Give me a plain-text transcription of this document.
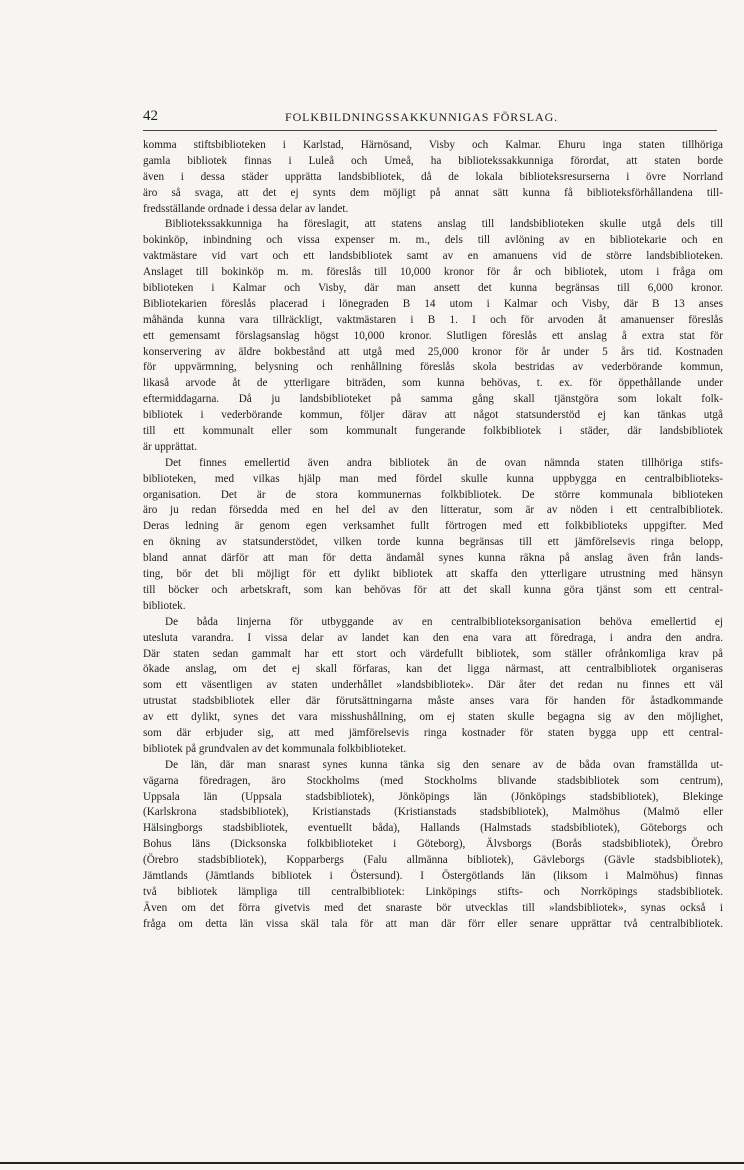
42	FOLKBILDNINGSSAKKUNNIGAS FÖRSLAG.
komma stiftsbiblioteken i Karlstad, Härnösand, Visby och Kalmar. Ehuru inga staten tillhöriga
gamla bibliotek finnas i Luleå och Umeå, ha bibliotekssakkunniga förordat, att staten borde
även i dessa städer upprätta landsbibliotek, då de lokala biblioteksresurserna i övre Norrland
äro så svaga, att det ej synts dem möjligt på annat sätt kunna få biblioteksförhållandena till-
fredsställande ordnade i dessa delar av landet.
Bibliotekssakkunniga ha föreslagit, att statens anslag till landsbiblioteken skulle utgå dels till
bokinköp, inbindning och vissa expenser m. m., dels till avlöning av en bibliotekarie och en
vaktmästare vid vart och ett landsbibliotek samt av en amanuens vid de större landsbiblioteken.
Anslaget till bokinköp m. m. föreslås till 10,000 kronor för år och bibliotek, utom i fråga om
biblioteken i Kalmar och Visby, där man ansett det kunna begränsas till 6,000 kronor.
Bibliotekarien föreslås placerad i lönegraden B 14 utom i Kalmar och Visby, där B 13 anses
måhända kunna vara tillräckligt, vaktmästaren i B 1. I och för arvoden åt amanuenser föreslås
ett gemensamt förslagsanslag högst 10,000 kronor. Slutligen föreslås ett anslag å extra stat för
konservering av äldre bokbestånd att utgå med 25,000 kronor för år under 5 års tid. Kostnaden
för uppvärmning, belysning och renhållning föreslås skola bestridas av vederbörande kommun,
likaså arvode åt de ytterligare biträden, som kunna behövas, t. ex. för öppethållande under
eftermiddagarna. Då ju landsbiblioteket på samma gång skall tjänstgöra som lokalt folk-
bibliotek i vederbörande kommun, följer därav att något statsunderstöd ej kan tänkas utgå
till ett kommunalt eller som kommunalt fungerande folkbibliotek i städer, där landsbibliotek
är upprättat.
Det finnes emellertid även andra bibliotek än de ovan nämnda staten tillhöriga stifs-
biblioteken, med vilkas hjälp man med fördel skulle kunna uppbygga en centralbiblioteks-
organisation. Det är de stora kommunernas folkbibliotek. De större kommunala biblioteken
äro ju redan försedda med en hel del av den litteratur, som är av nöden i ett centralbibliotek.
Deras ledning är genom egen verksamhet fullt förtrogen med ett folkbiblioteks uppgifter. Med
en ökning av statsunderstödet, vilken torde kunna begränsas till ett jämförelsevis ringa belopp,
bland annat därför att man för detta ändamål synes kunna räkna på anslag även från lands-
ting, bör det bli möjligt för ett dylikt bibliotek att skaffa den ytterligare utrustning med hänsyn
till böcker och arbetskraft, som kan behövas för att det skall kunna göra tjänst som ett central-
bibliotek.
De båda linjerna för utbyggande av en centralbiblioteksorganisation behöva emellertid ej
utesluta varandra. I vissa delar av landet kan den ena vara att föredraga, i andra den andra.
Där staten sedan gammalt har ett stort och värdefullt bibliotek, som ställer ofrånkomliga krav på
ökade anslag, om det ej skall förfaras, kan det ligga närmast, att centralbibliotek organiseras
som ett väsentligen av staten underhållet »landsbibliotek». Där åter det redan nu finnes ett väl
utrustat stadsbibliotek eller där förutsättningarna måste anses vara för handen för åstadkommande
av ett dylikt, synes det vara misshushållning, om ej staten skulle begagna sig av den möjlighet,
som där erbjuder sig, att med jämförelsevis ringa kostnader för staten bygga upp ett central-
bibliotek på grundvalen av det kommunala folkbiblioteket.
De län, där man snarast synes kunna tänka sig den senare av de båda ovan framställda ut-
vägarna föredragen, äro Stockholms (med Stockholms blivande stadsbibliotek som centrum),
Uppsala län (Uppsala stadsbibliotek), Jönköpings län (Jönköpings stadsbibliotek), Blekinge
(Karlskrona stadsbibliotek), Kristianstads (Kristianstads stadsbibliotek), Malmöhus (Malmö eller
Hälsingborgs stadsbibliotek, eventuellt båda), Hallands (Halmstads stadsbibliotek), Göteborgs och
Bohus läns (Dicksonska folkbiblioteket i Göteborg), Älvsborgs (Borås stadsbibliotek), Örebro
(Örebro stadsbibliotek), Kopparbergs (Falu allmänna bibliotek), Gävleborgs (Gävle stadsbibliotek),
Jämtlands (Jämtlands bibliotek i Östersund). I Östergötlands län (liksom i Malmöhus) finnas
två bibliotek lämpliga till centralbibliotek: Linköpings stifts- och Norrköpings stadsbibliotek.
Även om det förra givetvis med det snaraste bör utvecklas till »landsbibliotek», synas också i
fråga om detta län vissa skäl tala för att man där förr eller senare upprättar två centralbibliotek.
